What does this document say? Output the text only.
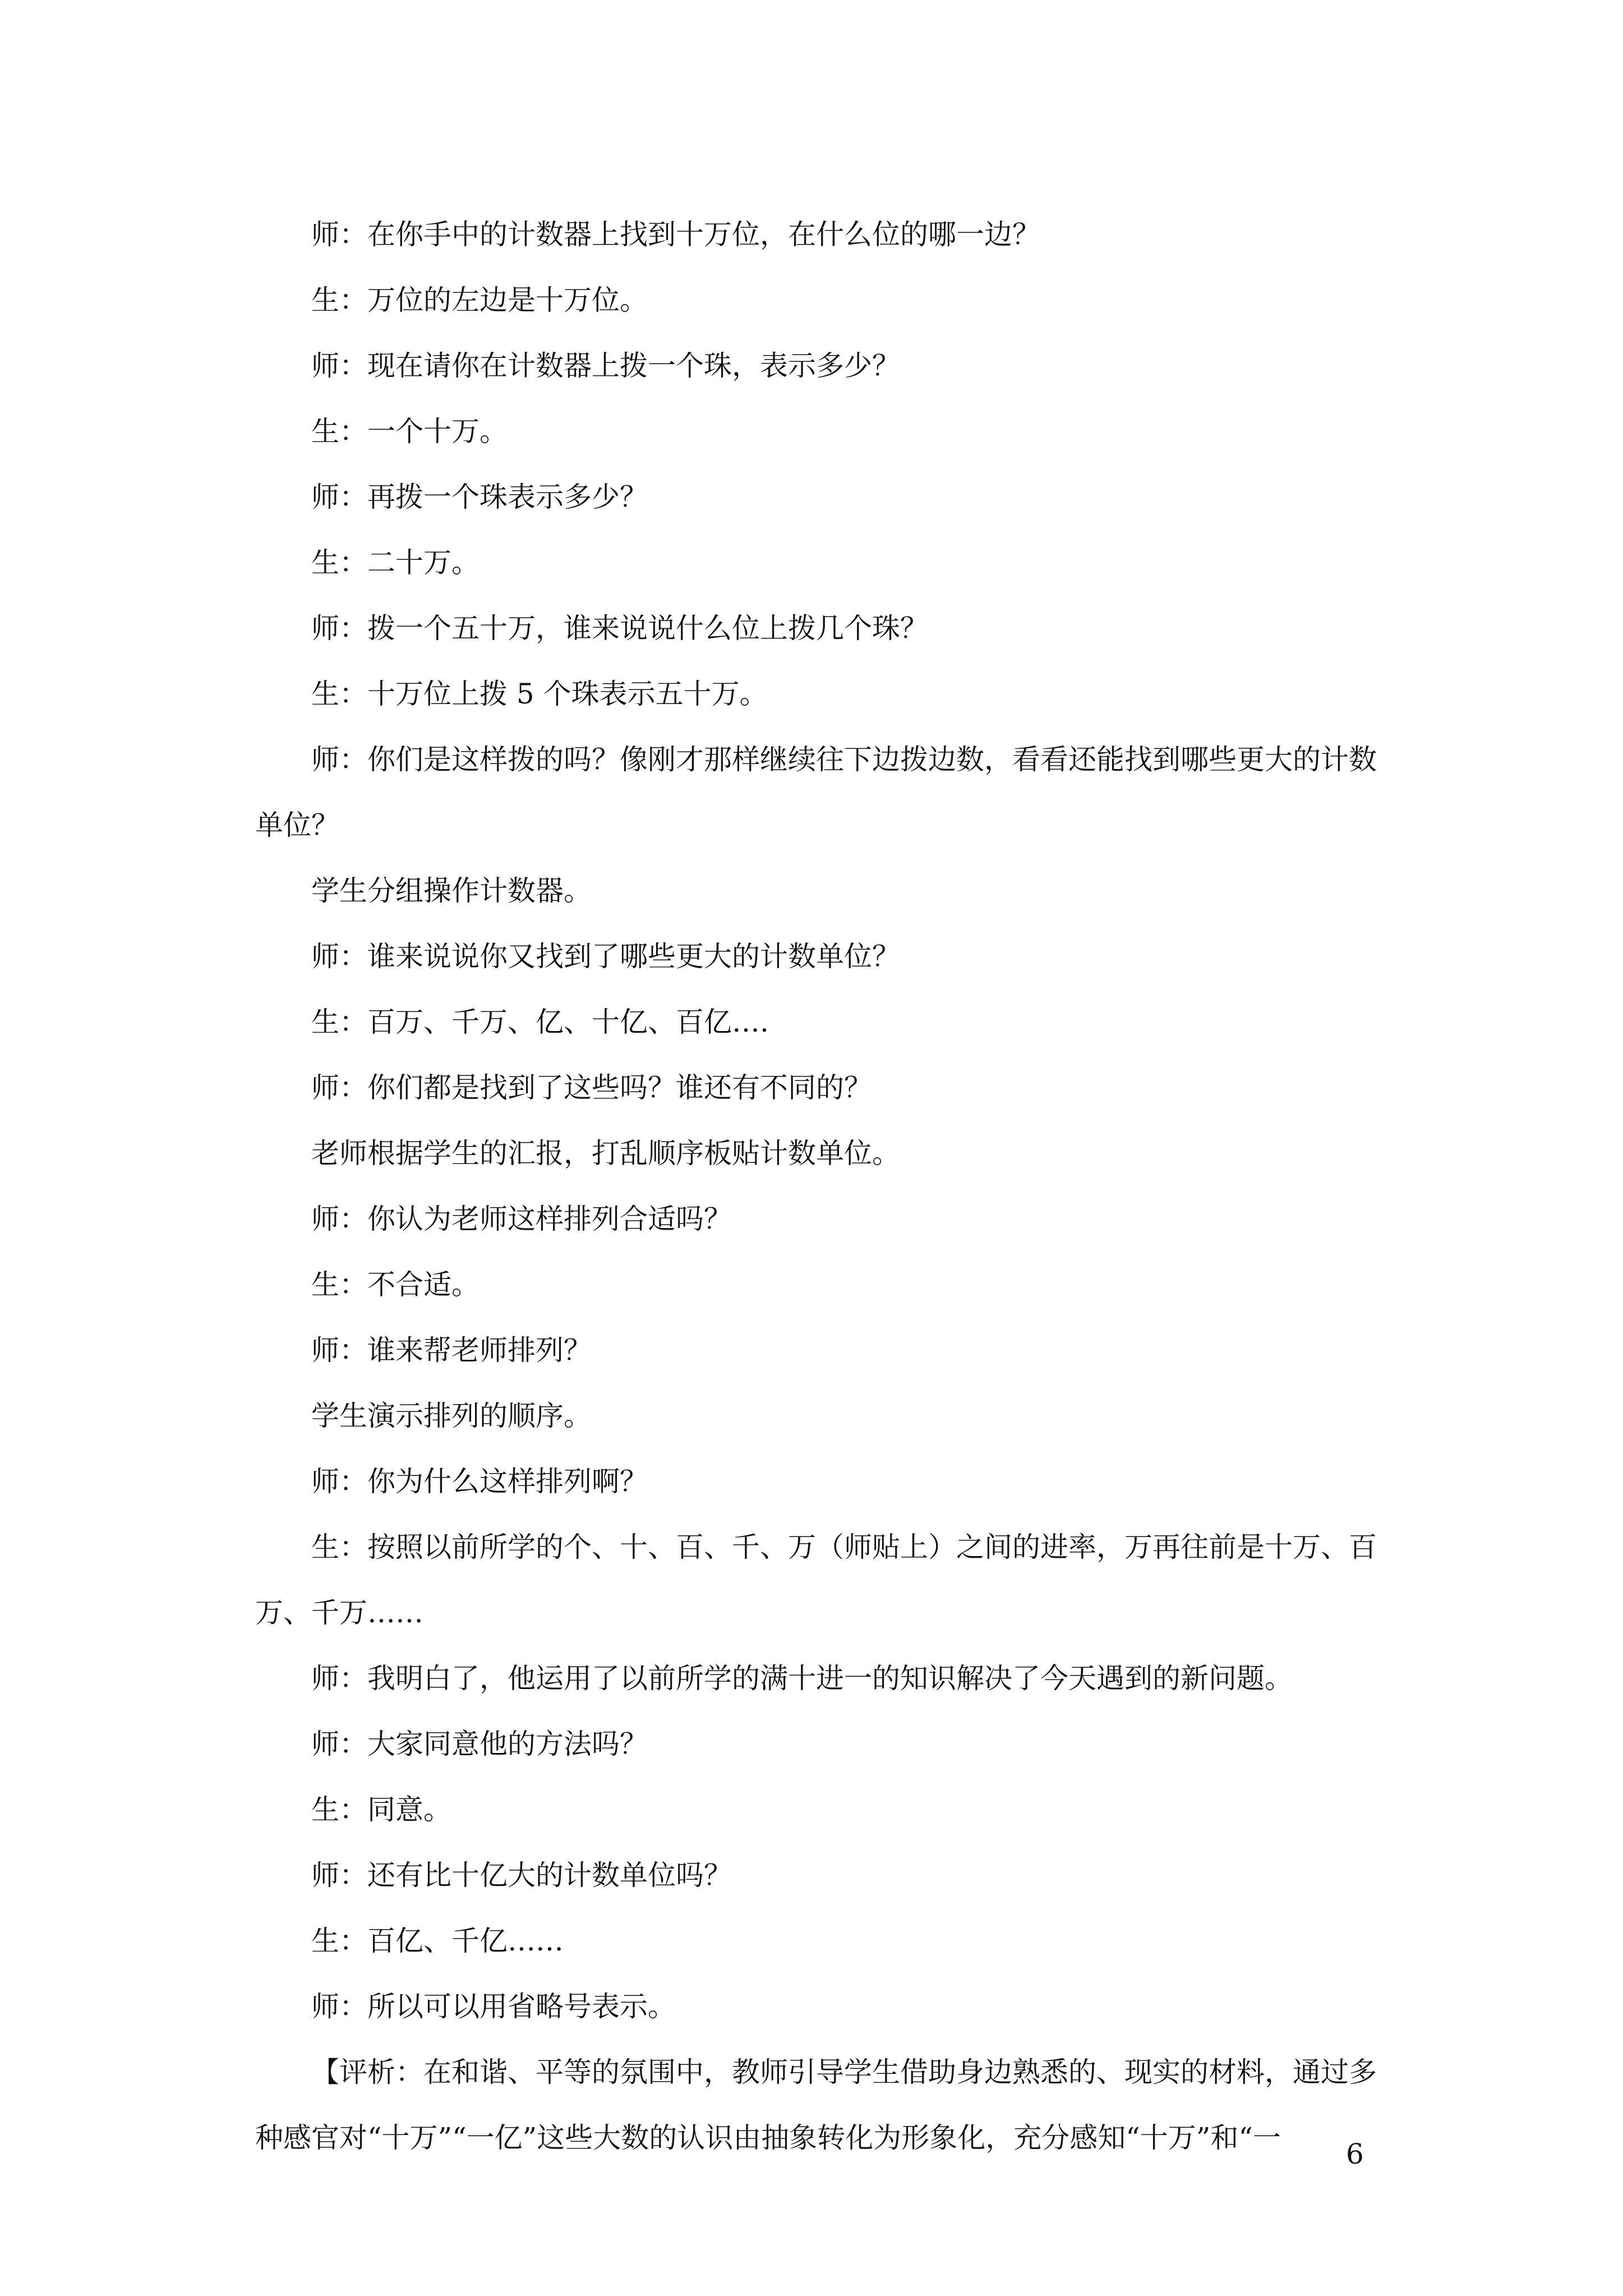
师：在你手中的计数器上找到十万位，在什么位的哪一边？

生：万位的左边是十万位。

师：现在请你在计数器上拨一个珠，表示多少？

生：一个十万。

师：再拨一个珠表示多少？

生：二十万。

师：拨一个五十万，谁来说说什么位上拨几个珠？

生：十万位上拨 5 个珠表示五十万。

师：你们是这样拨的吗？像刚才那样继续往下边拨边数，看看还能找到哪些更大的计数单位？

学生分组操作计数器。

师：谁来说说你又找到了哪些更大的计数单位？

生：百万、千万、亿、十亿、百亿….

师：你们都是找到了这些吗？谁还有不同的？

老师根据学生的汇报，打乱顺序板贴计数单位。

师：你认为老师这样排列合适吗？

生：不合适。

师：谁来帮老师排列？

学生演示排列的顺序。

师：你为什么这样排列啊？

生：按照以前所学的个、十、百、千、万（师贴上）之间的进率，万再往前是十万、百万、千万……

师：我明白了，他运用了以前所学的满十进一的知识解决了今天遇到的新问题。

师：大家同意他的方法吗？

生：同意。

师：还有比十亿大的计数单位吗？

生：百亿、千亿……

师：所以可以用省略号表示。

【评析：在和谐、平等的氛围中，教师引导学生借助身边熟悉的、现实的材料，通过多种感官对“十万”“一亿”这些大数的认识由抽象转化为形象化，充分感知“十万”和“一	6
